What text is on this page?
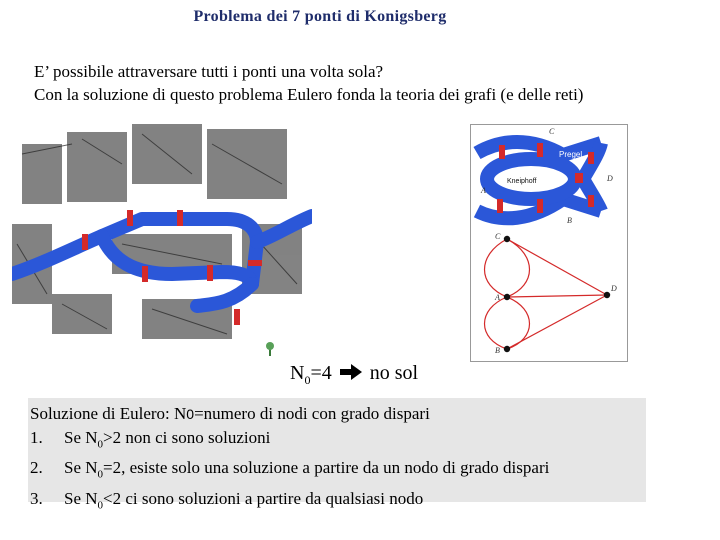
Problema dei 7 ponti di Konigsberg
E’ possibile attraversare tutti i ponti una volta sola?
Con la soluzione di questo problema Eulero fonda la teoria dei grafi (e delle reti)
C
Pregel
Kneiphoff
A
D
B
C
A
D
B
$N_0=4$ no sol
Soluzione di Eulero: N0=numero di nodi con grado dispari
1. Se $N_0>2$ non ci sono soluzioni
2. Se $N_0=2$, esiste solo una soluzione a partire da un nodo di grado dispari
3. Se $N_0<2$ ci sono soluzioni a partire da qualsiasi nodo
